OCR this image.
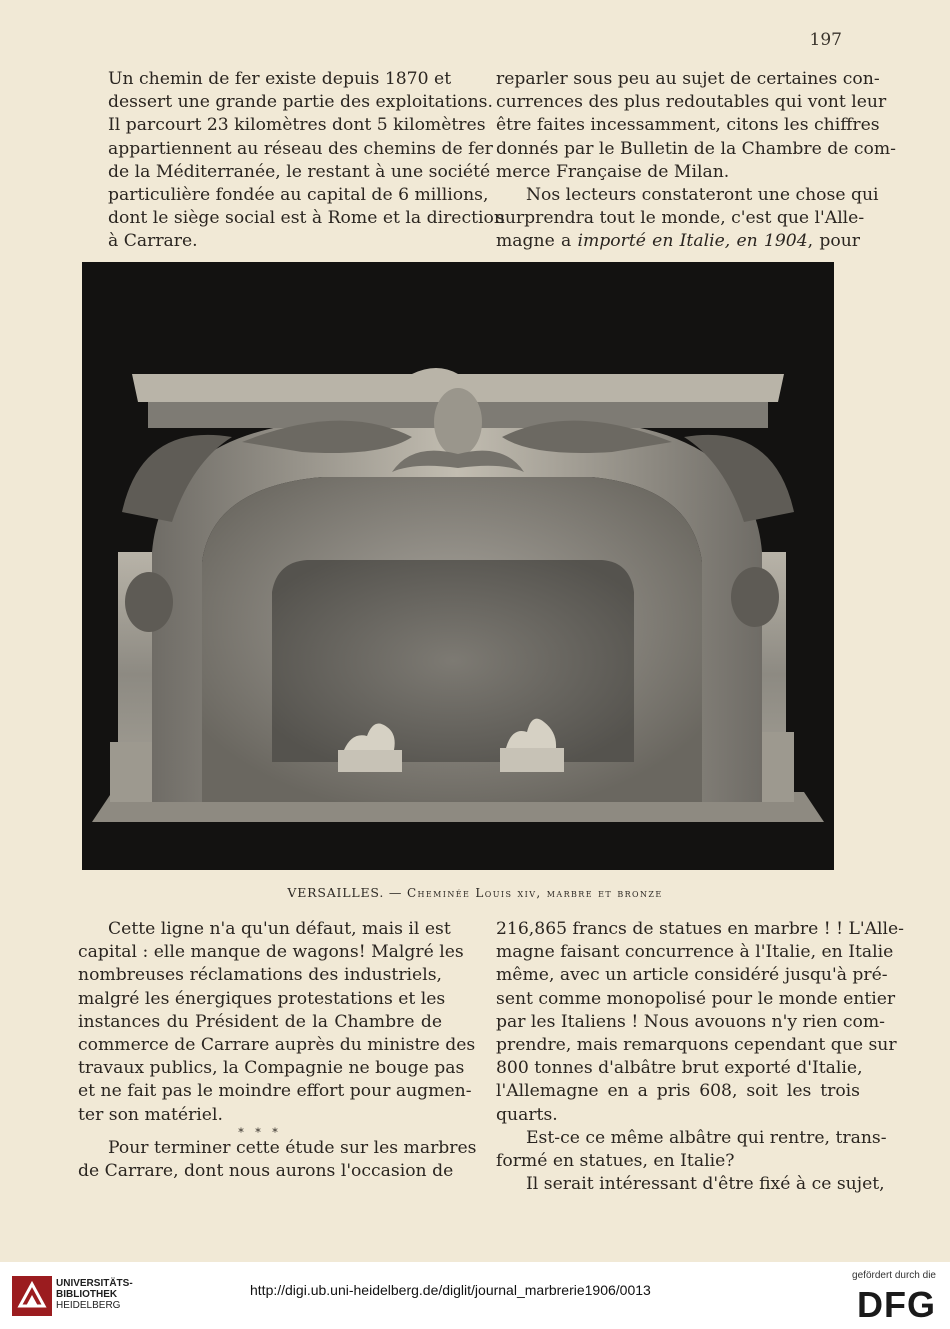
197

Un chemin de fer existe depuis 1870 et
dessert une grande partie des exploitations.
Il parcourt 23 kilomètres dont 5 kilomètres
appartiennent au réseau des chemins de fer
de la Méditerranée, le restant à une société
particulière fondée au capital de 6 millions,
dont le siège social est à Rome et la direction
à Carrare.

reparler sous peu au sujet de certaines con-
currences des plus redoutables qui vont leur
être faites incessamment, citons les chiffres
donnés par le Bulletin de la Chambre de com-
merce Française de Milan.

Nos lecteurs constateront une chose qui
surprendra tout le monde, c'est que l'Alle-
magne a importé en Italie, en 1904, pour

VERSAILLES. — Cheminée Louis xiv, marbre et bronze

Cette ligne n'a qu'un défaut, mais il est
capital : elle manque de wagons! Malgré les
nombreuses réclamations des industriels,
malgré les énergiques protestations et les
instances du Président de la Chambre de
commerce de Carrare auprès du ministre des
travaux publics, la Compagnie ne bouge pas
et ne fait pas le moindre effort pour augmen-
ter son matériel.

* * *

Pour terminer cette étude sur les marbres
de Carrare, dont nous aurons l'occasion de

216,865 francs de statues en marbre ! ! L'Alle-
magne faisant concurrence à l'Italie, en Italie
même, avec un article considéré jusqu'à pré-
sent comme monopolisé pour le monde entier
par les Italiens ! Nous avouons n'y rien com-
prendre, mais remarquons cependant que sur
800 tonnes d'albâtre brut exporté d'Italie,
l'Allemagne en a pris 608, soit les trois
quarts.

Est-ce ce même albâtre qui rentre, trans-
formé en statues, en Italie?

Il serait intéressant d'être fixé à ce sujet,

UNIVERSITÄTS-
BIBLIOTHEK
HEIDELBERG
http://digi.ub.uni-heidelberg.de/diglit/journal_marbrerie1906/0013
gefördert durch die
DFG
